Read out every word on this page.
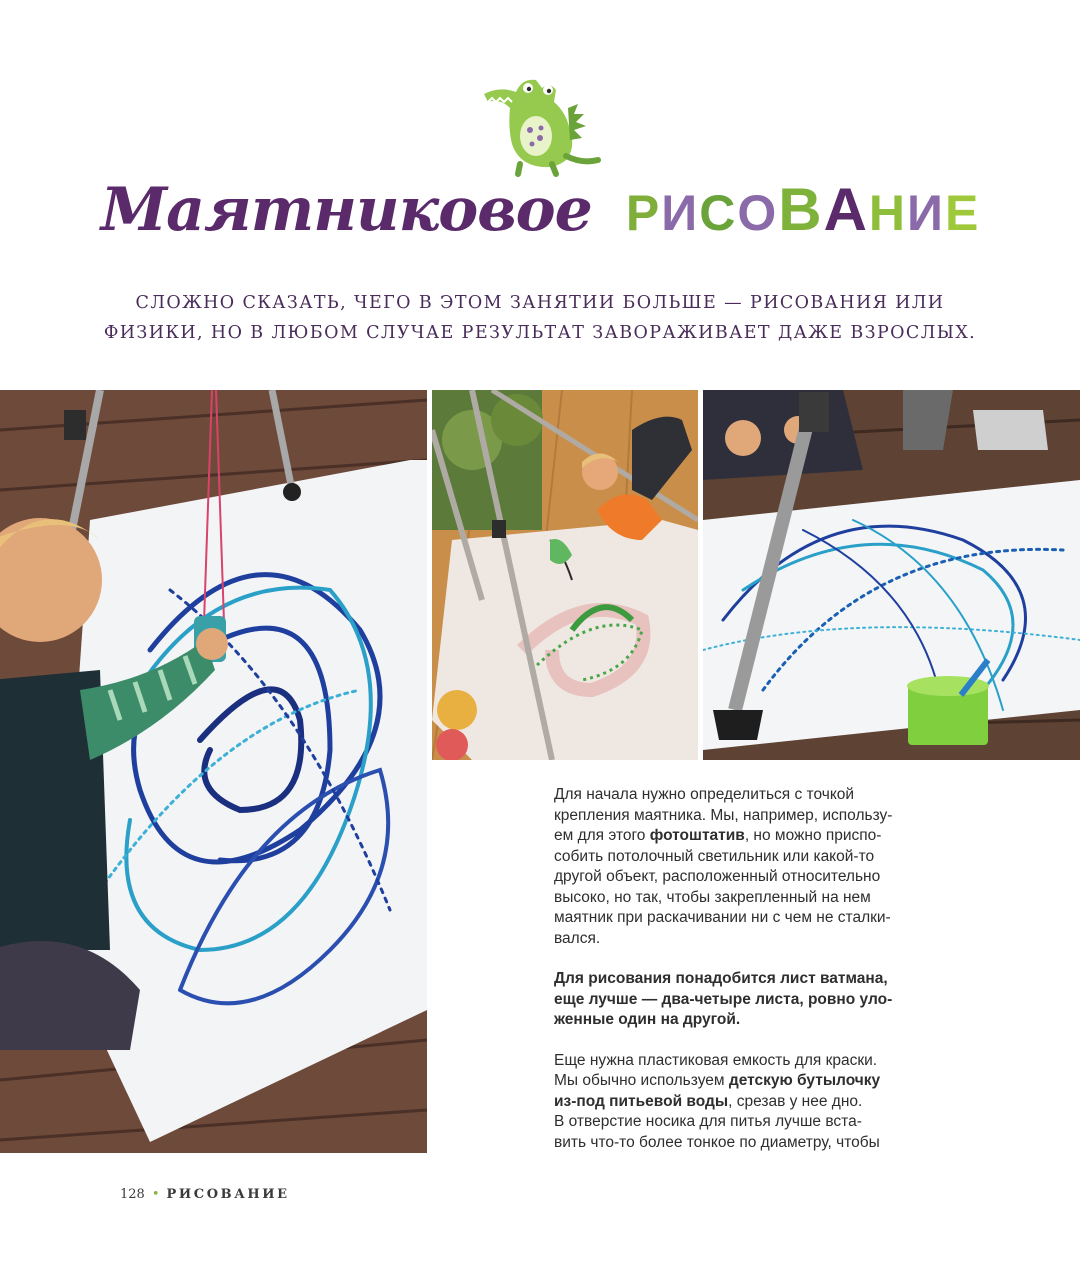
Маятниковое РИСОВАНИЕ
СЛОЖНО СКАЗАТЬ, ЧЕГО В ЭТОМ ЗАНЯТИИ БОЛЬШЕ — РИСОВАНИЯ ИЛИ
ФИЗИКИ, НО В ЛЮБОМ СЛУЧАЕ РЕЗУЛЬТАТ ЗАВОРАЖИВАЕТ ДАЖЕ ВЗРОСЛЫХ.

Для начала нужно определиться с точкой
крепления маятника. Мы, например, использу-
ем для этого фотоштатив, но можно приспо-
собить потолочный светильник или какой-то
другой объект, расположенный относительно
высоко, но так, чтобы закрепленный на нем
маятник при раскачивании ни с чем не сталки-
вался.

Для рисования понадобится лист ватмана,
еще лучше — два-четыре листа, ровно уло-
женные один на другой.

Еще нужна пластиковая емкость для краски.
Мы обычно используем детскую бутылочку
из-под питьевой воды, срезав у нее дно.
В отверстие носика для питья лучше вста-
вить что-то более тонкое по диаметру, чтобы

128 • РИСОВАНИЕ
